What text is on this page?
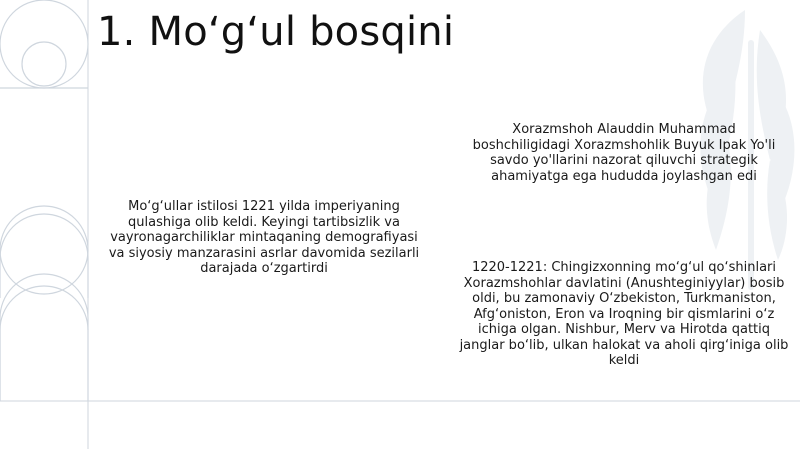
1. Mo‘g‘ul bosqini
Mo‘g‘ullar istilosi 1221 yilda imperiyaning qulashiga olib keldi. Keyingi tartibsizlik va vayronagarchiliklar mintaqaning demografiyasi va siyosiy manzarasini asrlar davomida sezilarli darajada o‘zgartirdi
Xorazmshoh Alauddin Muhammad boshchiligidagi Xorazmshohlik Buyuk Ipak Yo'li savdo yo'llarini nazorat qiluvchi strategik ahamiyatga ega hududda joylashgan edi
1220-1221: Chingizxonning mo‘g‘ul qo‘shinlari Xorazmshohlar davlatini (Anushteginiyylar) bosib oldi, bu zamonaviy O‘zbekiston, Turkmaniston, Afg‘oniston, Eron va Iroqning bir qismlarini o‘z ichiga olgan. Nishbur, Merv va Hirotda qattiq janglar bo‘lib, ulkan halokat va aholi qirg‘iniga olib keldi
